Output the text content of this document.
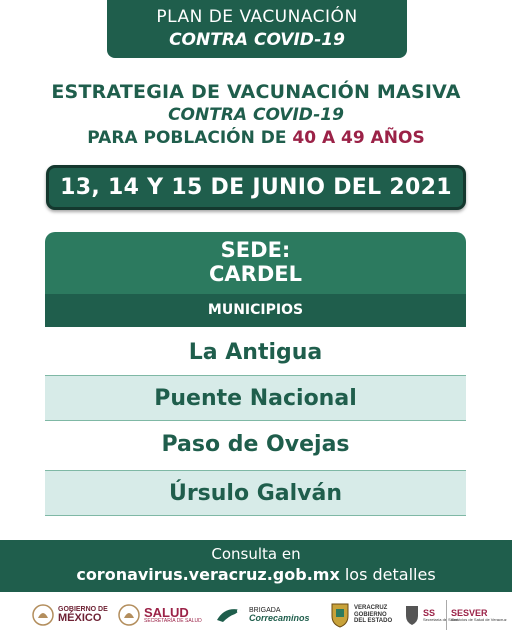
PLAN DE VACUNACIÓN
CONTRA COVID-19
ESTRATEGIA DE VACUNACIÓN MASIVA
CONTRA COVID-19
PARA POBLACIÓN DE 40 A 49 AÑOS
13, 14 Y 15 DE JUNIO DEL 2021
SEDE:
CARDEL
MUNICIPIOS
La Antigua
Puente Nacional
Paso de Ovejas
Úrsulo Galván
Consulta en
coronavirus.veracruz.gob.mx los detalles
GOBIERNO DE
MÉXICO	SALUD
SECRETARÍA DE SALUD
BRIGADA
Correcaminos
VERACRUZ
GOBIERNO
DEL ESTADO
SS
Secretaría de Salud
SESVER
Servicios de Salud de Veracruz
